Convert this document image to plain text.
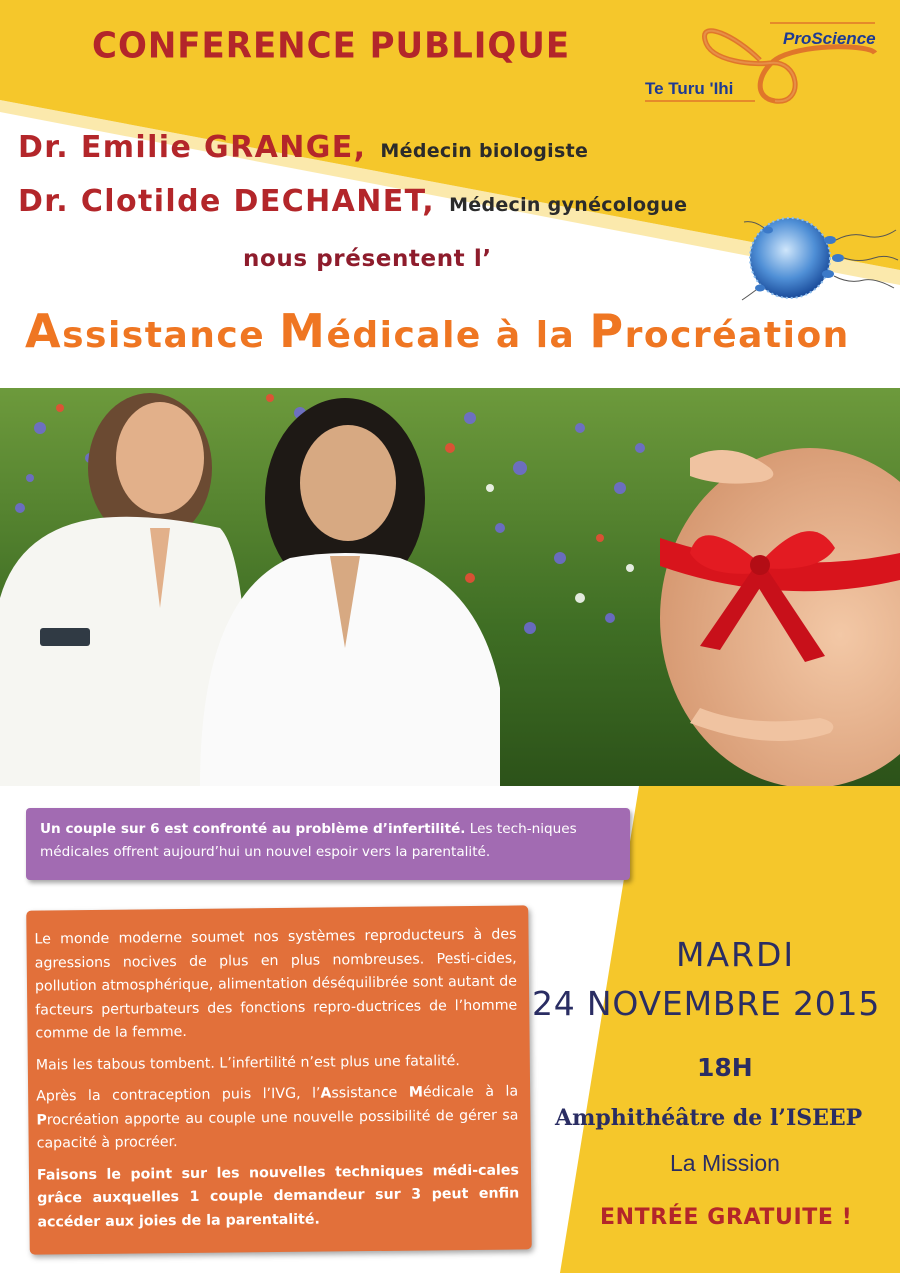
CONFERENCE PUBLIQUE	ProScience
Te Turu 'Ihi
Dr. Emilie GRANGE, Médecin biologiste
Dr. Clotilde DECHANET, Médecin gynécologue
nous présentent l’
Assistance Médicale à la Procréation
Un couple sur 6 est confronté au problème d’infertilité. Les tech-niques médicales offrent aujourd’hui un nouvel espoir vers la parentalité.

Le monde moderne soumet nos systèmes reproducteurs à des agressions nocives de plus en plus nombreuses. Pesti-cides, pollution atmosphérique, alimentation déséquilibrée sont autant de facteurs perturbateurs des fonctions repro-ductrices de l’homme comme de la femme.

Mais les tabous tombent. L’infertilité n’est plus une fatalité.

Après la contraception puis l’IVG, l’Assistance Médicale à la Procréation apporte au couple une nouvelle possibilité de gérer sa capacité à procréer.

Faisons le point sur les nouvelles techniques médi-cales grâce auxquelles 1 couple demandeur sur 3 peut enfin accéder aux joies de la parentalité.

MARDI
24 NOVEMBRE 2015
18H
Amphithéâtre de l’ISEEP
La Mission
ENTRÉE GRATUITE !
